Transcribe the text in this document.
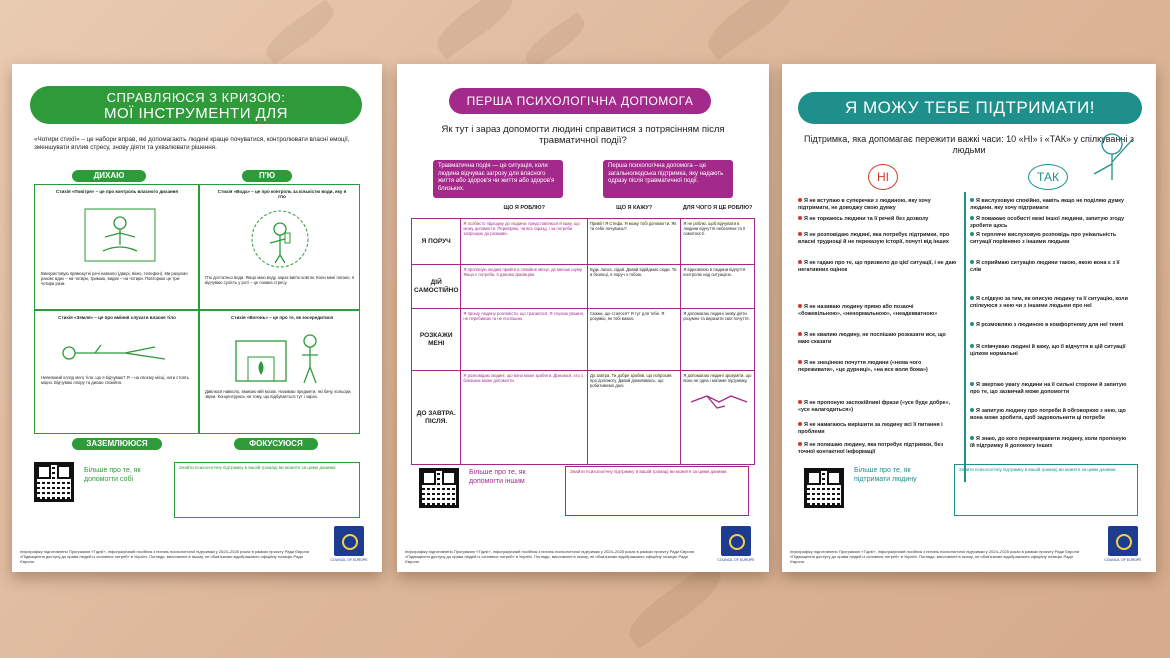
СПРАВЛЯЮСЯ З КРИЗОЮ:
МОЇ ІНСТРУМЕНТИ ДЛЯ САМОПІДТРИМУВАННЯ
«Чотири стихії» – це набори вправ, які допомагають людині краще почуватися, контролювати власні емоції, зменшувати вплив стресу, знову діяти та ухвалювати рішення.
ДИХАЮ	П'Ю
Стихія «Повітря» – це про контроль власного дихання	Стихія «Вода» – це про контроль за кількістю води, яку я п'ю
Використовую прямокутні речі навколо (двері, вікно, телефон). Ми рахуємо разом: вдих – на чотири, тримаю, видих – на чотири. Повторюю це три-чотири рази.
П'ю достатньо води. Якщо маю воду, зараз вип'ю ковток. Коли мені погано, я відчуваю сухість у роті – це ознака стресу.
Стихія «Земля» – це про вміння слухати власне тіло	Стихія «Вогонь» – це про те, як зосередитися
Невеликий огляд мого тіла: що я відчуваю? Я – на своєму місці, ноги стоять міцно. Відчуваю опору та дихаю спокійно.
Дивлюся навколо, вмикаю мій мозок. Називаю предмети, які бачу, кольори, звуки. Концентруюсь на тому, що відбувається тут і зараз.
ЗАЗЕМЛЮЮСЯ	ФОКУСУЮСЯ
Більше про те, як допомогти собі
Знайти психологічну підтримку в вашій громаді ви можете за цими даними:
Інфографіку підготовлено Програмою «Тідлії», інфографічний посібник з питань психологічної підтримки у 2024–2025 роках в рамках проєкту Ради Європи «Підвищення доступу до права людей із основних потреб» в Україні. Погляди, висловлені в ньому, не обов'язково відображають офіційну позицію Ради Європи.	COUNCIL OF EUROPE
ПЕРША ПСИХОЛОГІЧНА ДОПОМОГА
Як тут і зараз допомогти людині справитися з потрясінням після травматичної події?
Травматична подія — це ситуація, коли людина відчуває загрозу для власного життя або здоров'я чи життя або здоров'я близьких.
Перша психологічна допомога – це загальнолюдська підтримка, яку надають одразу після травматичної події.
	ЩО Я РОБЛЮ?	ЩО Я КАЖУ?	ДЛЯ ЧОГО Я ЦЕ РОБЛЮ?
Я ПОРУЧ	Я особисто підходжу до людини, представляюся й кажу, що можу допомогти. Перевіряю, чи все гаразд, і за потреби запрошую до розмови.	Привіт! Я Стефа. Я можу тобі допомогти. Як ти себе почуваєш?	Я не роблю, щоб відчувати в людини відчуття небезпеки та її самотності.
ДІЙ САМОСТІЙНО	Я пропоную людині прийти в спокійне місце, де менше шуму. Якщо є потреба, я дзвоню фахівцям.	Будь ласка, сідай. Давай відійдемо сюди. Ти в безпеці, я поруч з тобою.	Я відновлюю в людини відчуття контролю над ситуацією.
РОЗКАЖИ МЕНІ	Я прошу людину розповісти, що трапилося. Я слухаю уважно, не перебиваю та не поспішаю.	Скажи, що сталося? Я тут для тебе. Я розумію, як тобі важко.	Я допомагаю людині знову діяти розумно та виразити свої почуття.
ДО ЗАВТРА. ПІСЛЯ.	Я розповідаю людині, що вона може зробити. Дізнаюся, хто з близьких може допомогти.	До завтра. Ти добре зробив, що попросив про допомогу. Давай домовимось, що робитимемо далі.	Я допомагаю людині зрозуміти, що вона не одна і матиме підтримку.
Більше про те, як допомогти іншим
Знайти психологічну підтримку в вашій громаді ви можете за цими даними:
Інфографіку підготовлено Програмою «Тідлії», інфографічний посібник з питань психологічної підтримки у 2024–2025 роках в рамках проєкту Ради Європи «Підвищення доступу до права людей із основних потреб» в Україні. Погляди, висловлені в ньому, не обов'язково відображають офіційну позицію Ради Європи.	COUNCIL OF EUROPE
Я МОЖУ ТЕБЕ ПІДТРИМАТИ!
Підтримка, яка допомагає пережити важкі часи: 10 «НІ» і «ТАК» у спілкуванні з людьми
НІ	ТАК
Я не вступаю в суперечки з людиною, яку хочу підтримати, не доводжу свою думку
Я не торкаюсь людини та її речей без дозволу
Я не розповідаю людині, яка потребує підтримки, про власні труднощі й не переказую історії, почуті від інших
Я не гадаю про те, що призвело до цієї ситуації, і не даю негативних оцінок
Я не називаю людину прямо або позаочі «божевільною», «ненормальною», «неадекватною»
Я не квапию людину, не поспішаю розказати все, що маю сказати
Я не знецінюю почуття людини («нема чого переживати», «це дурниці», «на все воля божа»)
Я не пропоную заспокійливі фрази («усе буде добре», «усе налагодиться»)
Я не намагаюсь вирішити за людину всі її питання і проблеми
Я не полишаю людину, яка потребує підтримки, без точної контактної інформації
Я вислуховую спокійно, навіть якщо не поділяю думку людини, яку хочу підтримати
Я поважаю особисті межі іншої людини, запитую згоду зробити щось
Я терпляче вислуховую розповідь про унікальність ситуації порівняно з іншими людьми
Я сприймаю ситуацію людини такою, якою вона є з її слів
Я слідкую за тим, як описую людину та її ситуацію, коли спілкуюся з нею чи з іншими людьми про неї
Я розмовляю з людиною в комфортному для неї темпі
Я співчуваю людині й кажу, що її відчуття в цій ситуації цілком нормальні
Я звертаю увагу людини на її сильні сторони й запитую про те, що зазвичай може допомогти
Я запитую людину про потреби й обговорюю з нею, що вона може зробити, щоб задовольнити ці потреби
Я знаю, до кого перенаправити людину, коли пропоную їй підтримку й допомогу інших
Більше про те, як підтримати людину
Знайти психологічну підтримку в вашій громаді ви можете за цими даними:
Інфографіку підготовлено Програмою «Тідлії», інфографічний посібник з питань психологічної підтримки у 2024–2025 роках в рамках проєкту Ради Європи «Підвищення доступу до права людей із основних потреб» в Україні. Погляди, висловлені в ньому, не обов'язково відображають офіційну позицію Ради Європи.	COUNCIL OF EUROPE
